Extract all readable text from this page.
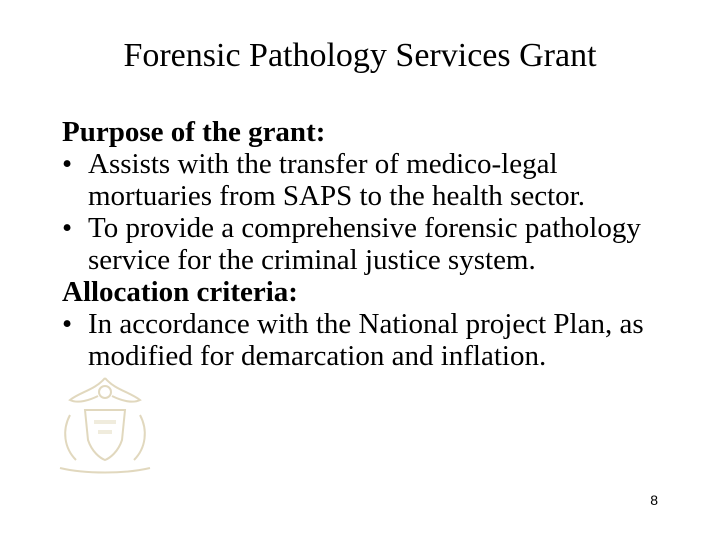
Forensic Pathology Services Grant
Purpose of the grant:
• Assists with the transfer of medico-legal mortuaries from SAPS to the health sector.
• To provide a comprehensive forensic pathology service for the criminal justice system.
Allocation criteria:
• In accordance with the National project Plan, as modified for demarcation and inflation.
8
